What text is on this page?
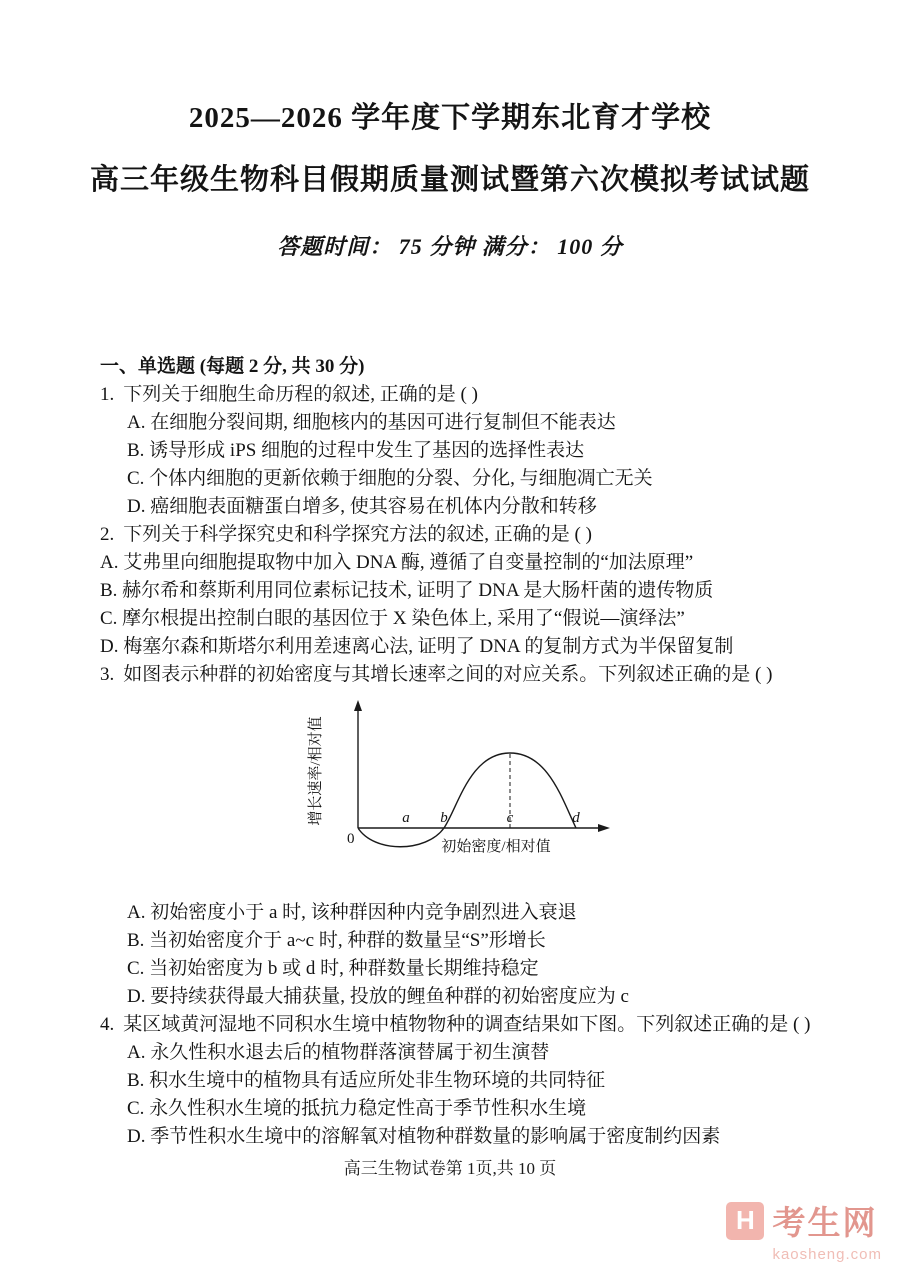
2025—2026 学年度下学期东北育才学校
高三年级生物科目假期质量测试暨第六次模拟考试试题
答题时间： 75 分钟 满分： 100 分
一、单选题 (每题 2 分, 共 30 分)
1. 下列关于细胞生命历程的叙述, 正确的是 ( )
A. 在细胞分裂间期, 细胞核内的基因可进行复制但不能表达
B. 诱导形成 iPS 细胞的过程中发生了基因的选择性表达
C. 个体内细胞的更新依赖于细胞的分裂、分化, 与细胞凋亡无关
D. 癌细胞表面糖蛋白增多, 使其容易在机体内分散和转移
2. 下列关于科学探究史和科学探究方法的叙述, 正确的是 ( )
A. 艾弗里向细胞提取物中加入 DNA 酶, 遵循了自变量控制的“加法原理”
B. 赫尔希和蔡斯利用同位素标记技术, 证明了 DNA 是大肠杆菌的遗传物质
C. 摩尔根提出控制白眼的基因位于 X 染色体上, 采用了“假说—演绎法”
D. 梅塞尔森和斯塔尔利用差速离心法, 证明了 DNA 的复制方式为半保留复制
3. 如图表示种群的初始密度与其增长速率之间的对应关系。下列叙述正确的是 ( )
0
a b	c	d
增长速率/相对值
初始密度/相对值
A. 初始密度小于 a 时, 该种群因种内竞争剧烈进入衰退
B. 当初始密度介于 a~c 时, 种群的数量呈“S”形增长
C. 当初始密度为 b 或 d 时, 种群数量长期维持稳定
D. 要持续获得最大捕获量, 投放的鲤鱼种群的初始密度应为 c
4. 某区域黄河湿地不同积水生境中植物物种的调查结果如下图。下列叙述正确的是 ( )
A. 永久性积水退去后的植物群落演替属于初生演替
B. 积水生境中的植物具有适应所处非生物环境的共同特征
C. 永久性积水生境的抵抗力稳定性高于季节性积水生境
D. 季节性积水生境中的溶解氧对植物种群数量的影响属于密度制约因素
高三生物试卷第 1页,共 10 页
H 考生网
kaosheng.com
